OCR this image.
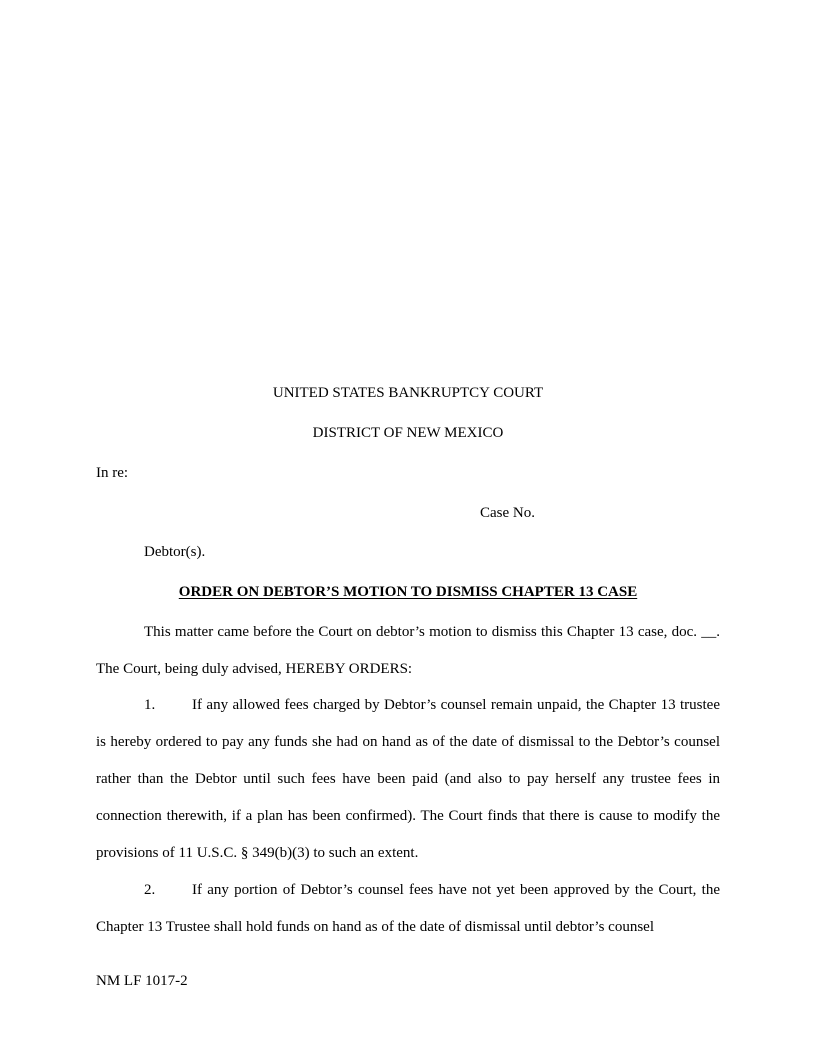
UNITED STATES BANKRUPTCY COURT
DISTRICT OF NEW MEXICO
In re:
Case No.
Debtor(s).
ORDER ON DEBTOR’S MOTION TO DISMISS CHAPTER 13 CASE

This matter came before the Court on debtor’s motion to dismiss this Chapter 13 case, doc. __. The Court, being duly advised, HEREBY ORDERS:

1. If any allowed fees charged by Debtor’s counsel remain unpaid, the Chapter 13 trustee is hereby ordered to pay any funds she had on hand as of the date of dismissal to the Debtor’s counsel rather than the Debtor until such fees have been paid (and also to pay herself any trustee fees in connection therewith, if a plan has been confirmed). The Court finds that there is cause to modify the provisions of 11 U.S.C. § 349(b)(3) to such an extent.

2. If any portion of Debtor’s counsel fees have not yet been approved by the Court, the Chapter 13 Trustee shall hold funds on hand as of the date of dismissal until debtor’s counsel

NM LF 1017-2
